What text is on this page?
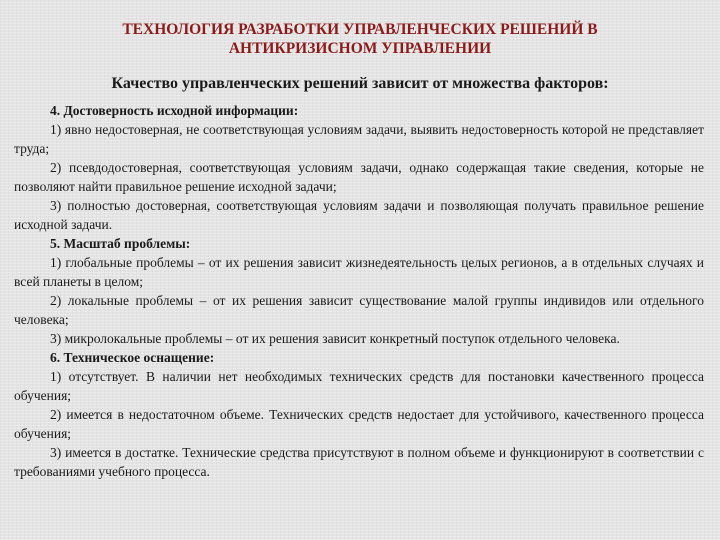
ТЕХНОЛОГИЯ РАЗРАБОТКИ УПРАВЛЕНЧЕСКИХ РЕШЕНИЙ В
АНТИКРИЗИСНОМ УПРАВЛЕНИИ
Качество управленческих решений зависит от множества факторов:

4. Достоверность исходной информации:

1) явно недостоверная, не соответствующая условиям задачи, выявить недостоверность которой не представляет труда;

2) псевдодостоверная, соответствующая условиям задачи, однако содержащая такие сведения, которые не позволяют найти правильное решение исходной задачи;

3) полностью достоверная, соответствующая условиям задачи и позволяющая получать правильное решение исходной задачи.

5. Масштаб проблемы:

1) глобальные проблемы – от их решения зависит жизнедеятельность целых регионов, а в отдельных случаях и всей планеты в целом;

2) локальные проблемы – от их решения зависит существование малой группы индивидов или отдельного человека;

3) микролокальные проблемы – от их решения зависит конкретный поступок отдельного человека.

6. Техническое оснащение:

1) отсутствует. В наличии нет необходимых технических средств для постановки качественного процесса обучения;

2) имеется в недостаточном объеме. Технических средств недостает для устойчивого, качественного процесса обучения;

3) имеется в достатке. Технические средства присутствуют в полном объеме и функционируют в соответствии с требованиями учебного процесса.
